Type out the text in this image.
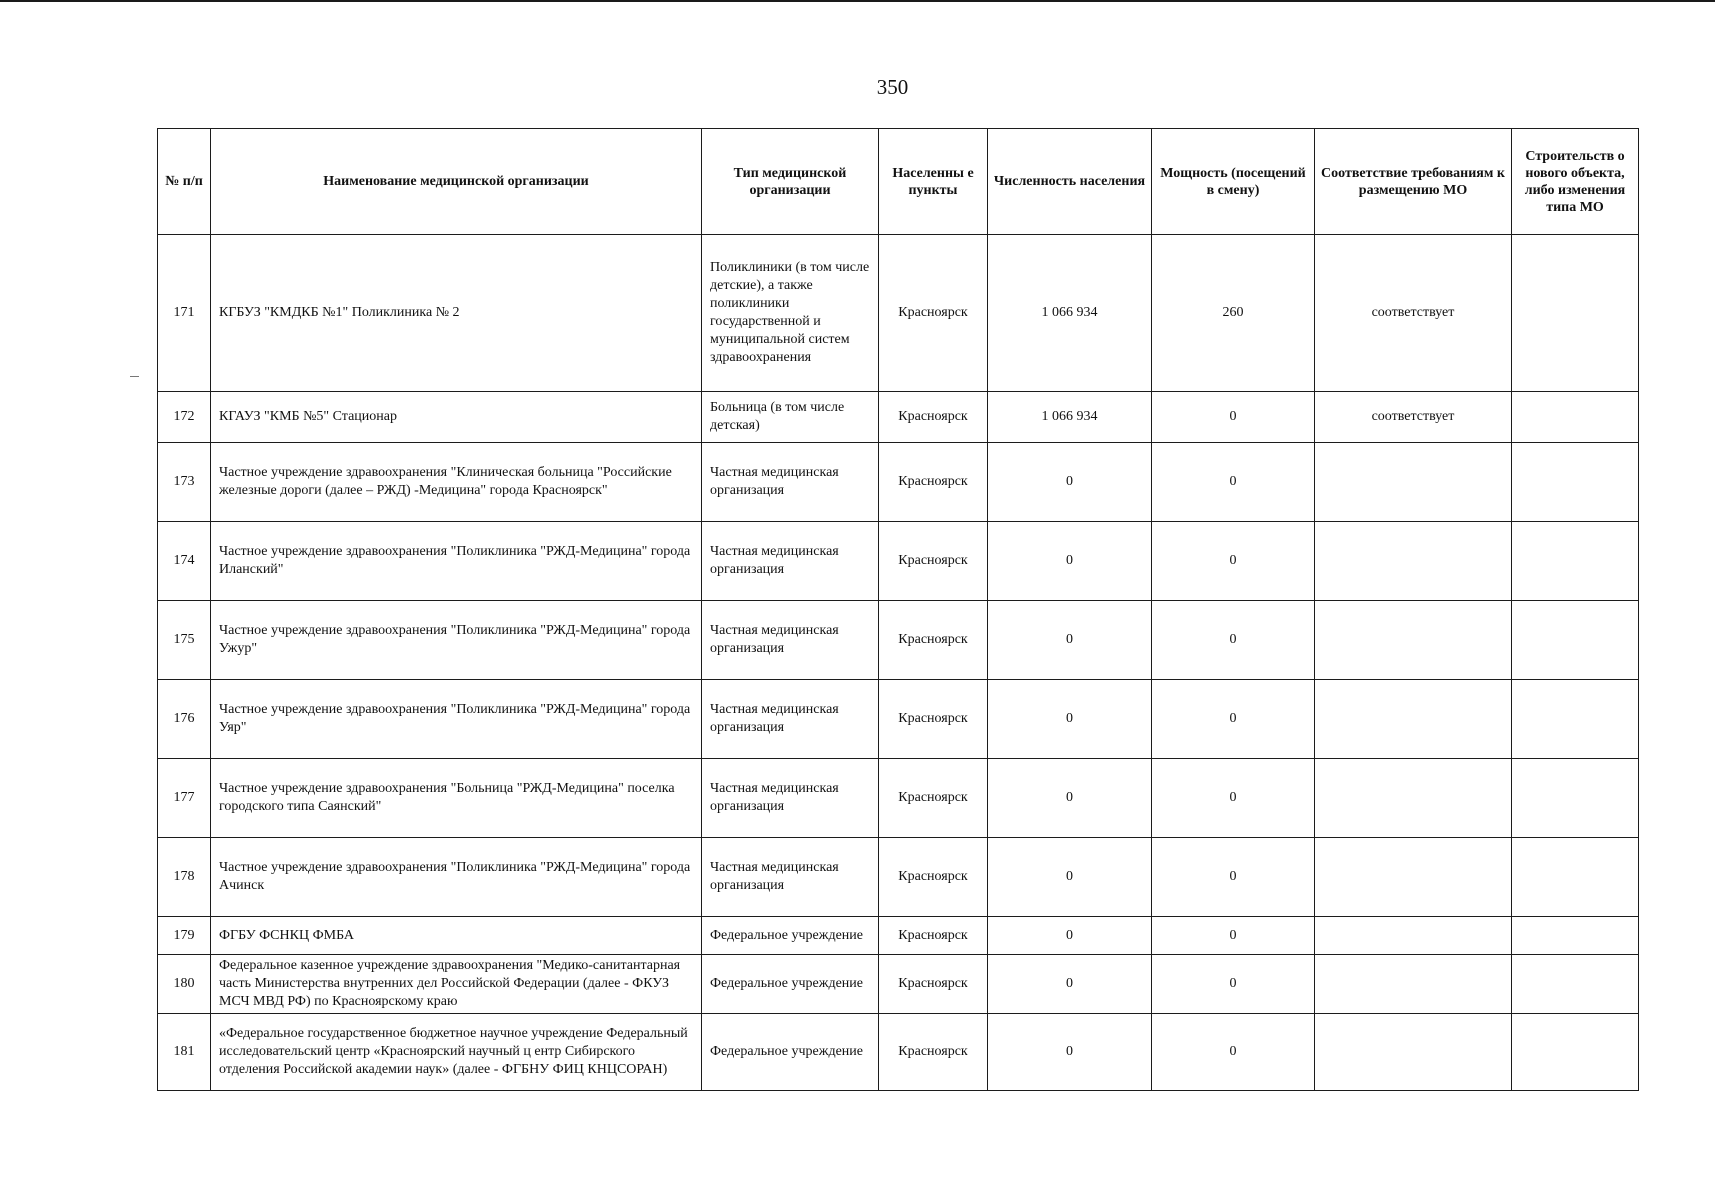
350
№ п/п	Наименование медицинской организации	Тип медицинской организации	Населенны е пункты	Численность населения	Мощность (посещений в смену)	Соответствие требованиям к размещению МО	Строительств о нового объекта, либо изменения типа МО
171	КГБУЗ "КМДКБ №1" Поликлиника № 2	Поликлиники (в том числе детские), а также поликлиники государственной и муниципальной систем здравоохранения	Красноярск	1 066 934	260	соответствует	
172	КГАУЗ "КМБ №5" Стационар	Больница (в том числе детская)	Красноярск	1 066 934	0	соответствует	
173	Частное учреждение здравоохранения "Клиническая больница "Российские железные дороги (далее – РЖД) -Медицина" города Красноярск"	Частная медицинская организация	Красноярск	0	0		
174	Частное учреждение здравоохранения "Поликлиника "РЖД-Медицина" города Иланский"	Частная медицинская организация	Красноярск	0	0		
175	Частное учреждение здравоохранения "Поликлиника "РЖД-Медицина" города Ужур"	Частная медицинская организация	Красноярск	0	0		
176	Частное учреждение здравоохранения "Поликлиника "РЖД-Медицина" города Уяр"	Частная медицинская организация	Красноярск	0	0		
177	Частное учреждение здравоохранения "Больница "РЖД-Медицина" поселка городского типа Саянский"	Частная медицинская организация	Красноярск	0	0		
178	Частное учреждение здравоохранения "Поликлиника "РЖД-Медицина" города Ачинск	Частная медицинская организация	Красноярск	0	0		
179	ФГБУ ФСНКЦ ФМБА	Федеральное учреждение	Красноярск	0	0		
180	Федеральное казенное учреждение здравоохранения "Медико-санитантарная часть Министерства внутренних дел Российской Федерации (далее - ФКУЗ МСЧ МВД РФ) по Красноярскому краю	Федеральное учреждение	Красноярск	0	0		
181	«Федеральное государственное бюджетное научное учреждение Федеральный исследовательский центр «Красноярский научный ц ентр Сибирского отделения Российской академии наук» (далее - ФГБНУ ФИЦ КНЦСОРАН)	Федеральное учреждение	Красноярск	0	0		
